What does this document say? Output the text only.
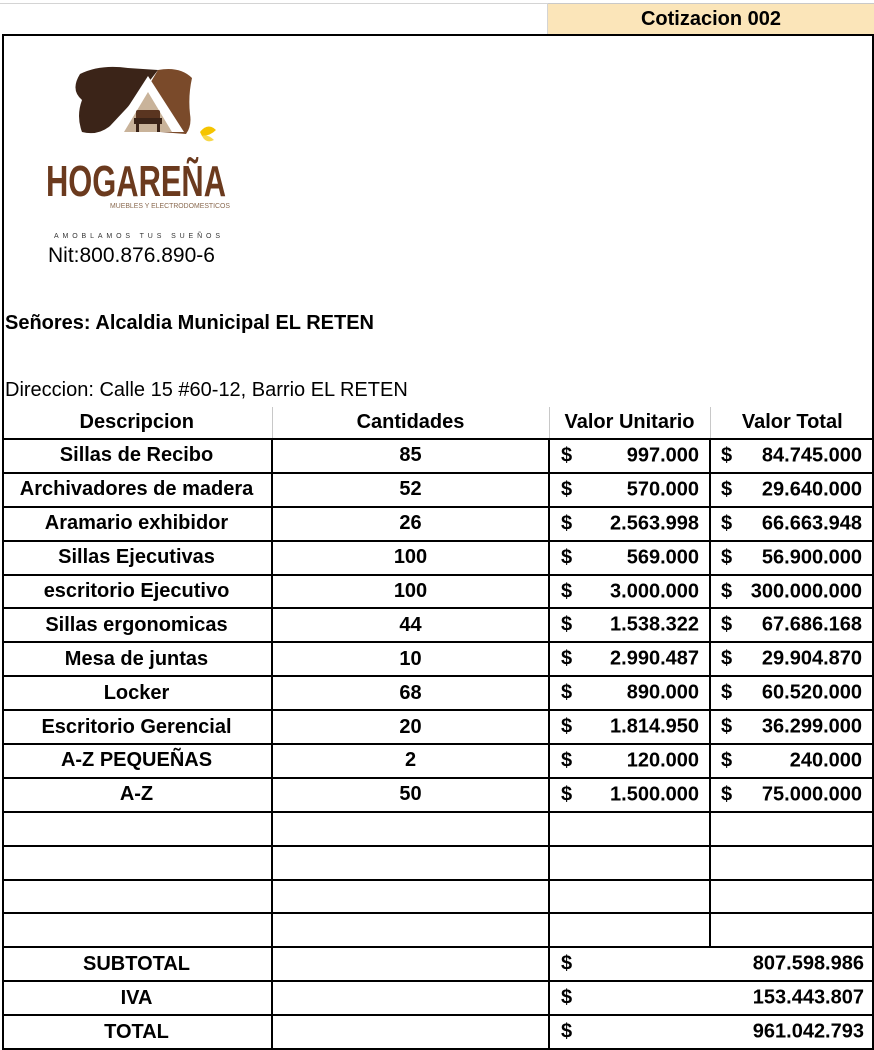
Cotizacion 002
HOGARE
MUEBLES Y ELECTRODOMESTICOS
AMOBLAMOS TUS SUEÑOS
Nit:800.876.890-6
Señores: Alcaldia Municipal EL RETEN
Direccion: Calle 15 #60-12, Barrio EL RETEN
Descripcion	Cantidades	Valor Unitario	Valor Total
Sillas de Recibo	85	$ 997.000	$ 84.745.000

Archivadores de madera	52	$ 570.000	$ 29.640.000

Aramario exhibidor	26	$ 2.563.998	$ 66.663.948

Sillas Ejecutivas	100	$ 569.000	$ 56.900.000

escritorio Ejecutivo	100	$ 3.000.000	$ 300.000.000

Sillas ergonomicas	44	$ 1.538.322	$ 67.686.168

Mesa de juntas	10	$ 2.990.487	$ 29.904.870

Locker	68	$ 890.000	$ 60.520.000

Escritorio Gerencial	20	$ 1.814.950	$ 36.299.000

A-Z PEQUEÑAS	2	$ 120.000	$ 240.000

A-Z	50	$ 1.500.000	$ 75.000.000

SUBTOTAL		$ 807.598.986	

IVA		$ 153.443.807	

TOTAL		$ 961.042.793	
